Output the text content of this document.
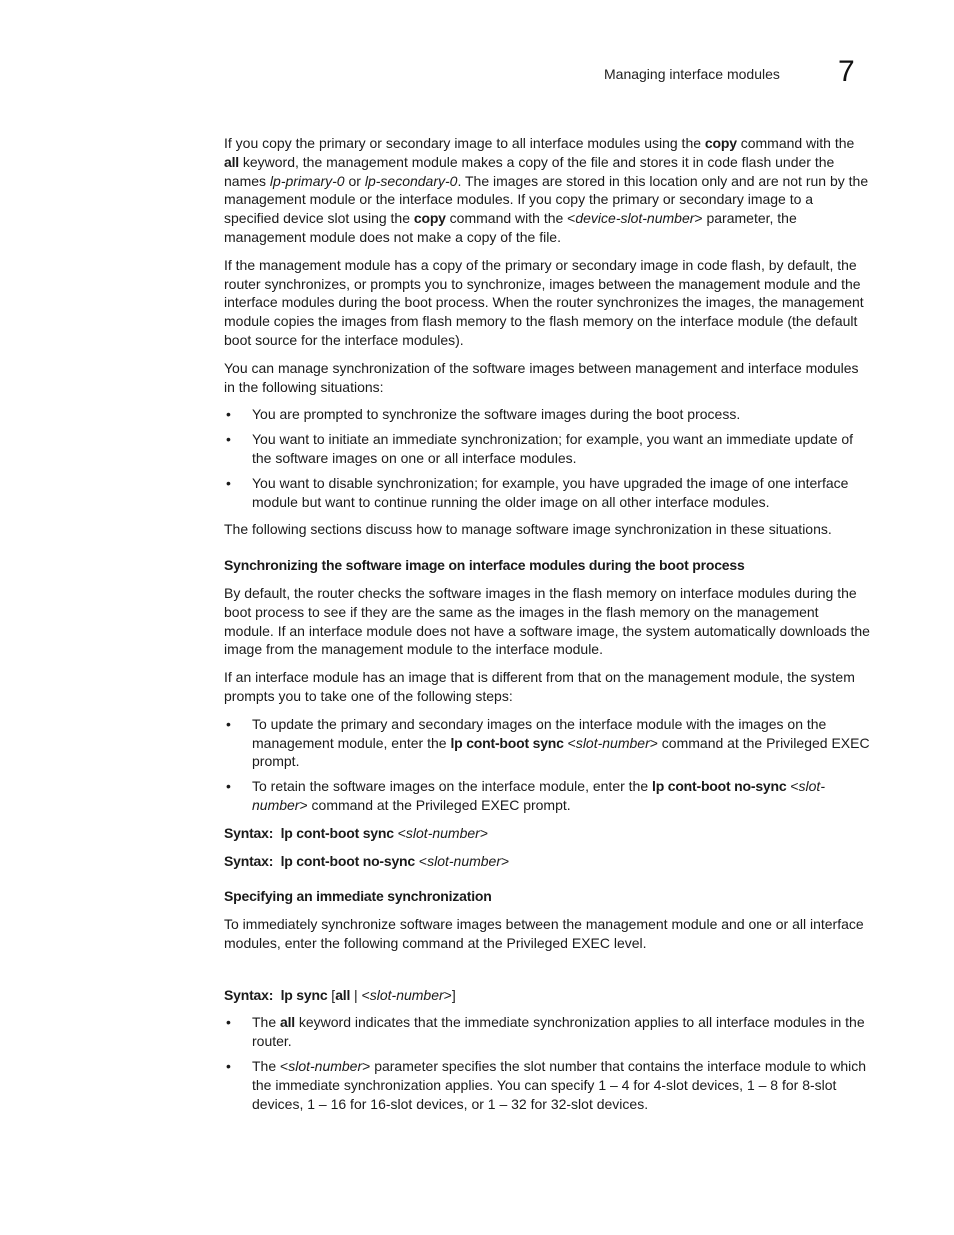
Managing interface modules 7

If you copy the primary or secondary image to all interface modules using the copy command with the all keyword, the management module makes a copy of the file and stores it in code flash under the names lp-primary-0 or lp-secondary-0. The images are stored in this location only and are not run by the management module or the interface modules. If you copy the primary or secondary image to a specified device slot using the copy command with the <device-slot-number> parameter, the management module does not make a copy of the file.

If the management module has a copy of the primary or secondary image in code flash, by default, the router synchronizes, or prompts you to synchronize, images between the management module and the interface modules during the boot process. When the router synchronizes the images, the management module copies the images from flash memory to the flash memory on the interface module (the default boot source for the interface modules).

You can manage synchronization of the software images between management and interface modules in the following situations:

• You are prompted to synchronize the software images during the boot process.
• You want to initiate an immediate synchronization; for example, you want an immediate update of the software images on one or all interface modules.
• You want to disable synchronization; for example, you have upgraded the image of one interface module but want to continue running the older image on all other interface modules.

The following sections discuss how to manage software image synchronization in these situations.

Synchronizing the software image on interface modules during the boot process

By default, the router checks the software images in the flash memory on interface modules during the boot process to see if they are the same as the images in the flash memory on the management module. If an interface module does not have a software image, the system automatically downloads the image from the management module to the interface module.

If an interface module has an image that is different from that on the management module, the system prompts you to take one of the following steps:

• To update the primary and secondary images on the interface module with the images on the management module, enter the lp cont-boot sync <slot-number> command at the Privileged EXEC prompt.
• To retain the software images on the interface module, enter the lp cont-boot no-sync <slot-number> command at the Privileged EXEC prompt.

Syntax:  lp cont-boot sync <slot-number>

Syntax:  lp cont-boot no-sync <slot-number>

Specifying an immediate synchronization

To immediately synchronize software images between the management module and one or all interface modules, enter the following command at the Privileged EXEC level.

Syntax:  lp sync [all | <slot-number>]

• The all keyword indicates that the immediate synchronization applies to all interface modules in the router.
• The <slot-number> parameter specifies the slot number that contains the interface module to which the immediate synchronization applies. You can specify 1 – 4 for 4-slot devices, 1 – 8 for 8-slot devices, 1 – 16 for 16-slot devices, or 1 – 32 for 32-slot devices.
